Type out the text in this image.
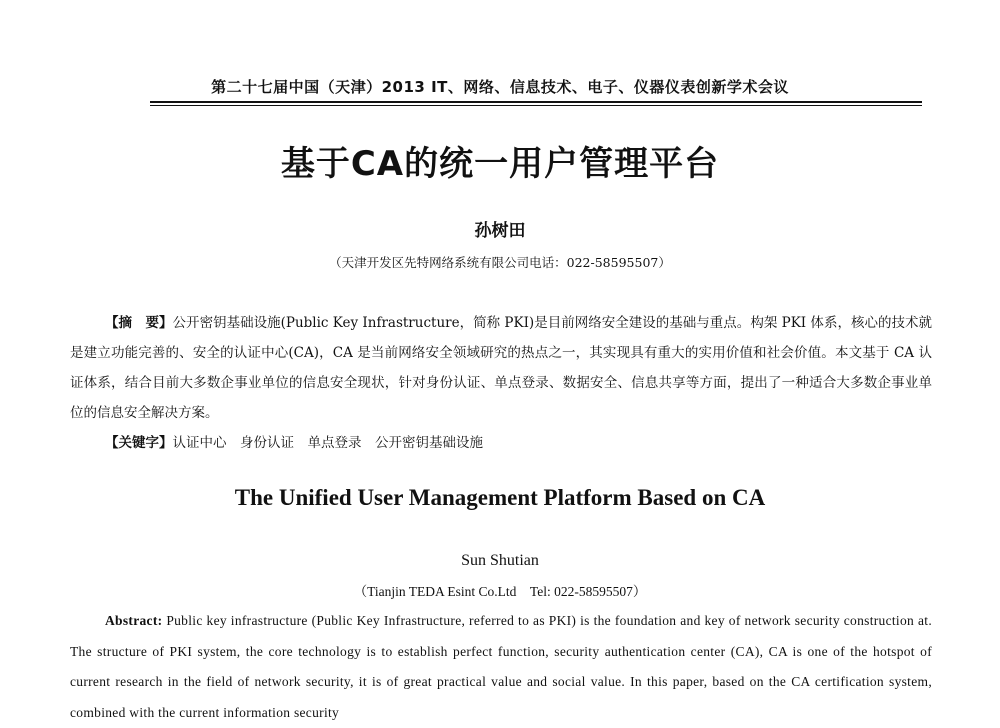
第二十七届中国（天津）2013 IT、网络、信息技术、电子、仪器仪表创新学术会议
基于CA的统一用户管理平台
孙树田
（天津开发区先特网络系统有限公司电话：022-58595507）
【摘　要】公开密钥基础设施(Public Key Infrastructure，简称 PKI)是目前网络安全建设的基础与重点。构架 PKI 体系，核心的技术就是建立功能完善的、安全的认证中心(CA)，CA 是当前网络安全领域研究的热点之一，其实现具有重大的实用价值和社会价值。本文基于 CA 认证体系，结合目前大多数企事业单位的信息安全现状，针对身份认证、单点登录、数据安全、信息共享等方面，提出了一种适合大多数企事业单位的信息安全解决方案。
【关键字】认证中心　身份认证　单点登录　公开密钥基础设施
The Unified User Management Platform Based on CA
Sun Shutian
（Tianjin TEDA Esint Co.Ltd　Tel: 022-58595507）
Abstract: Public key infrastructure (Public Key Infrastructure, referred to as PKI) is the foundation and key of network security construction at. The structure of PKI system, the core technology is to establish perfect function, security authentication center (CA), CA is one of the hotspot of current research in the field of network security, it is of great practical value and social value. In this paper, based on the CA certification system, combined with the current information security
